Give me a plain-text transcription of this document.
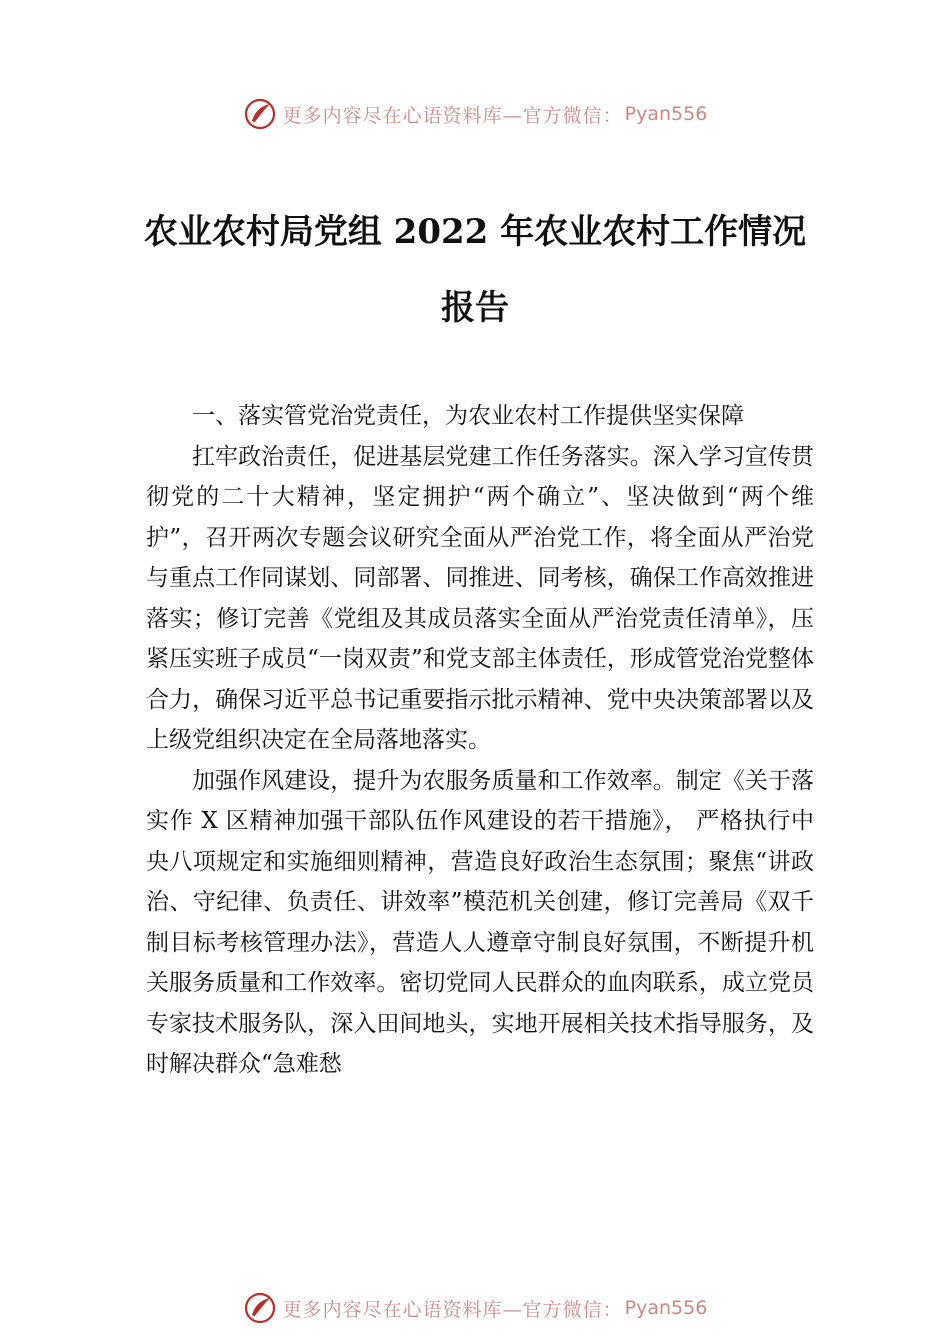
更多内容尽在心语资料库—官方微信： Pyan556
农业农村局党组 2022 年农业农村工作情况
报告

一、落实管党治党责任，为农业农村工作提供坚实保障

扛牢政治责任，促进基层党建工作任务落实。深入学习宣传贯彻党的二十大精神，坚定拥护“两个确立”、坚决做到“两个维护”，召开两次专题会议研究全面从严治党工作，将全面从严治党与重点工作同谋划、同部署、同推进、同考核，确保工作高效推进落实；修订完善《党组及其成员落实全面从严治党责任清单》，压紧压实班子成员“一岗双责”和党支部主体责任，形成管党治党整体合力，确保习近平总书记重要指示批示精神、党中央决策部署以及上级党组织决定在全局落地落实。

加强作风建设，提升为农服务质量和工作效率。制定《关于落实作 X 区精神加强干部队伍作风建设的若干措施》， 严格执行中央八项规定和实施细则精神，营造良好政治生态氛围；聚焦“讲政治、守纪律、负责任、讲效率”模范机关创建，修订完善局《双千制目标考核管理办法》，营造人人遵章守制良好氛围，不断提升机关服务质量和工作效率。密切党同人民群众的血肉联系，成立党员专家技术服务队，深入田间地头，实地开展相关技术指导服务，及时解决群众“急难愁

更多内容尽在心语资料库—官方微信： Pyan556
